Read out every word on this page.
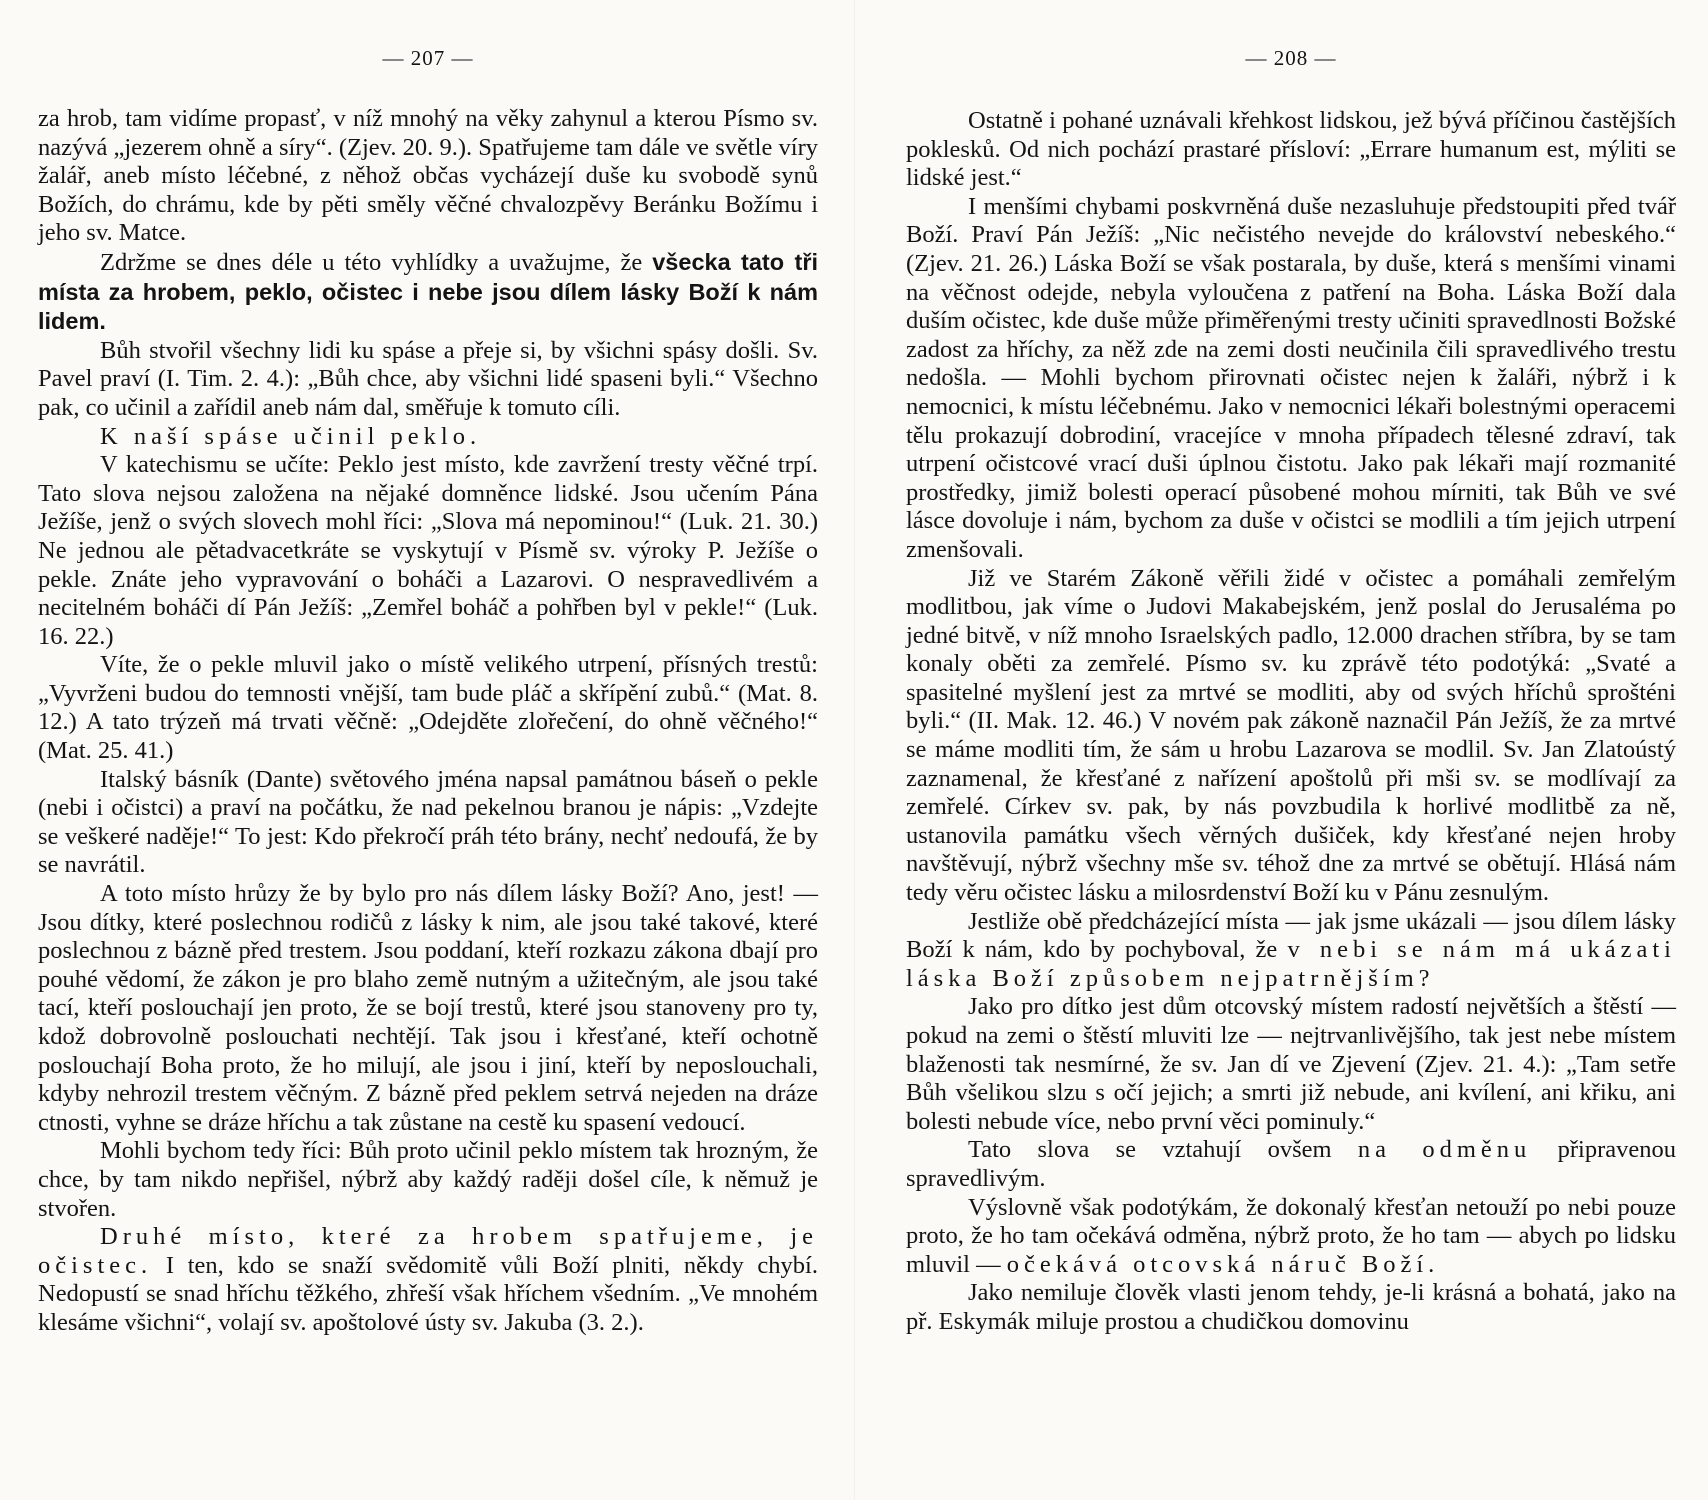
— 207 —

za hrob, tam vidíme propasť, v níž mnohý na věky zahynul a kterou Písmo sv. nazývá „jezerem ohně a síry“. (Zjev. 20. 9.). Spatřujeme tam dále ve světle víry žalář, aneb místo léčebné, z něhož občas vycházejí duše ku svobodě synů Božích, do chrámu, kde by pěti směly věčné chvalozpěvy Beránku Božímu i jeho sv. Matce.

Zdržme se dnes déle u této vyhlídky a uvažujme, že všecka tato tři místa za hrobem, peklo, očistec i nebe jsou dílem lásky Boží k nám lidem.

Bůh stvořil všechny lidi ku spáse a přeje si, by všichni spásy došli. Sv. Pavel praví (I. Tim. 2. 4.): „Bůh chce, aby všichni lidé spaseni byli.“ Všechno pak, co učinil a zařídil aneb nám dal, směřuje k tomuto cíli.

K naší spáse učinil peklo.

V katechismu se učíte: Peklo jest místo, kde zavržení tresty věčné trpí. Tato slova nejsou založena na nějaké domněnce lidské. Jsou učením Pána Ježíše, jenž o svých slovech mohl říci: „Slova má nepominou!“ (Luk. 21. 30.) Ne jednou ale pětadvacetkráte se vyskytují v Písmě sv. výroky P. Ježíše o pekle. Znáte jeho vypravování o boháči a Lazarovi. O nespravedlivém a necitelném boháči dí Pán Ježíš: „Zemřel boháč a pohřben byl v pekle!“ (Luk. 16. 22.)

Víte, že o pekle mluvil jako o místě velikého utrpení, přísných trestů: „Vyvrženi budou do temnosti vnější, tam bude pláč a skřípění zubů.“ (Mat. 8. 12.) A tato trýzeň má trvati věčně: „Odejděte zlořečení, do ohně věčného!“ (Mat. 25. 41.)

Italský básník (Dante) světového jména napsal památnou báseň o pekle (nebi i očistci) a praví na počátku, že nad pekelnou branou je nápis: „Vzdejte se veškeré naděje!“ To jest: Kdo překročí práh této brány, nechť nedoufá, že by se navrátil.

A toto místo hrůzy že by bylo pro nás dílem lásky Boží? Ano, jest! — Jsou dítky, které poslechnou rodičů z lásky k nim, ale jsou také takové, které poslechnou z bázně před trestem. Jsou poddaní, kteří rozkazu zákona dbají pro pouhé vědomí, že zákon je pro blaho země nutným a užitečným, ale jsou také tací, kteří poslouchají jen proto, že se bojí trestů, které jsou stanoveny pro ty, kdož dobrovolně poslouchati nechtějí. Tak jsou i křesťané, kteří ochotně poslouchají Boha proto, že ho milují, ale jsou i jiní, kteří by neposlouchali, kdyby nehrozil trestem věčným. Z bázně před peklem setrvá nejeden na dráze ctnosti, vyhne se dráze hříchu a tak zůstane na cestě ku spasení vedoucí.

Mohli bychom tedy říci: Bůh proto učinil peklo místem tak hrozným, že chce, by tam nikdo nepřišel, nýbrž aby každý raději došel cíle, k němuž je stvořen.

Druhé místo, které za hrobem spatřujeme, je očistec. I ten, kdo se snaží svědomitě vůli Boží plniti, někdy chybí. Nedopustí se snad hříchu těžkého, zhřeší však hříchem všedním. „Ve mnohém klesáme všichni“, volají sv. apoštolové ústy sv. Jakuba (3. 2.).

— 208 —

Ostatně i pohané uznávali křehkost lidskou, jež bývá příčinou častějších poklesků. Od nich pochází prastaré přísloví: „Errare humanum est, mýliti se lidské jest.“

I menšími chybami poskvrněná duše nezasluhuje předstoupiti před tvář Boží. Praví Pán Ježíš: „Nic nečistého nevejde do království nebeského.“ (Zjev. 21. 26.) Láska Boží se však postarala, by duše, která s menšími vinami na věčnost odejde, nebyla vyloučena z patření na Boha. Láska Boží dala duším očistec, kde duše může přiměřenými tresty učiniti spravedlnosti Božské zadost za hříchy, za něž zde na zemi dosti neučinila čili spravedlivého trestu nedošla. — Mohli bychom přirovnati očistec nejen k žaláři, nýbrž i k nemocnici, k místu léčebnému. Jako v nemocnici lékaři bolestnými operacemi tělu prokazují dobrodiní, vracejíce v mnoha případech tělesné zdraví, tak utrpení očistcové vrací duši úplnou čistotu. Jako pak lékaři mají rozmanité prostředky, jimiž bolesti operací působené mohou mírniti, tak Bůh ve své lásce dovoluje i nám, bychom za duše v očistci se modlili a tím jejich utrpení zmenšovali.

Již ve Starém Zákoně věřili židé v očistec a pomáhali zemřelým modlitbou, jak víme o Judovi Makabejském, jenž poslal do Jerusaléma po jedné bitvě, v níž mnoho Israelských padlo, 12.000 drachen stříbra, by se tam konaly oběti za zemřelé. Písmo sv. ku zprávě této podotýká: „Svaté a spasitelné myšlení jest za mrtvé se modliti, aby od svých hříchů sprošténi byli.“ (II. Mak. 12. 46.) V novém pak zákoně naznačil Pán Ježíš, že za mrtvé se máme modliti tím, že sám u hrobu Lazarova se modlil. Sv. Jan Zlatoústý zaznamenal, že křesťané z nařízení apoštolů při mši sv. se modlívají za zemřelé. Církev sv. pak, by nás povzbudila k horlivé modlitbě za ně, ustanovila památku všech věrných dušiček, kdy křesťané nejen hroby navštěvují, nýbrž všechny mše sv. téhož dne za mrtvé se obětují. Hlásá nám tedy věru očistec lásku a milosrdenství Boží ku v Pánu zesnulým.

Jestliže obě předcházející místa — jak jsme ukázali — jsou dílem lásky Boží k nám, kdo by pochyboval, že v nebi se nám má ukázati láska Boží způsobem nejpatrnějším?

Jako pro dítko jest dům otcovský místem radostí největších a štěstí — pokud na zemi o štěstí mluviti lze — nejtrvanlivějšího, tak jest nebe místem blaženosti tak nesmírné, že sv. Jan dí ve Zjevení (Zjev. 21. 4.): „Tam setře Bůh všelikou slzu s očí jejich; a smrti již nebude, ani kvílení, ani křiku, ani bolesti nebude více, nebo první věci pominuly.“

Tato slova se vztahují ovšem na odměnu připravenou spravedlivým.

Výslovně však podotýkám, že dokonalý křesťan netouží po nebi pouze proto, že ho tam očekává odměna, nýbrž proto, že ho tam — abych po lidsku mluvil — očekává otcovská náruč Boží.

Jako nemiluje člověk vlasti jenom tehdy, je-li krásná a bohatá, jako na př. Eskymák miluje prostou a chudičkou domovinu
